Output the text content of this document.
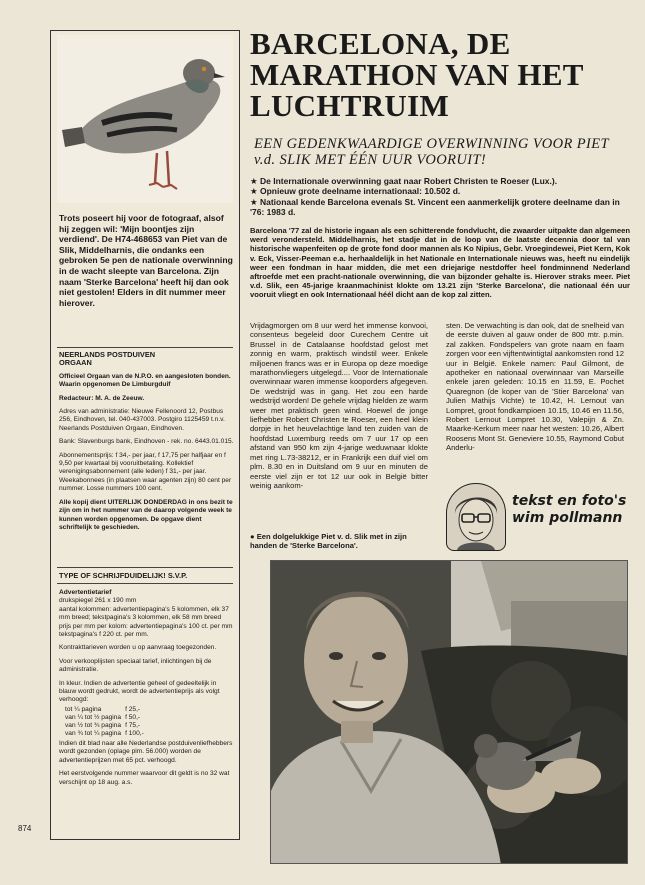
Trots poseert hij voor de fotograaf, alsof hij zeggen wil: 'Mijn boontjes zijn verdiend'. De H74-468653 van Piet van de Slik, Middelharnis, die ondanks een gebroken 5e pen de nationale overwinning in de wacht sleepte van Barcelona. Zijn naam 'Sterke Barcelona' heeft hij dan ook niet gestolen! Elders in dit nummer meer hierover.
NEERLANDS POSTDUIVEN
ORGAAN

Officieel Orgaan van de N.P.O. en aangesloten bonden. Waarin opgenomen De Limburgduif

Redacteur: M. A. de Zeeuw.

Adres van administratie: Nieuwe Fellenoord 12, Postbus 256, Eindhoven, tel. 040-437003. Postgiro 1125459 t.n.v. Neerlands Postduiven Orgaan, Eindhoven.

Bank: Slavenburgs bank, Eindhoven - rek. no. 6443.01.015.

Abonnementsprijs: f 34,- per jaar, f 17,75 per halfjaar en f 9,50 per kwartaal bij vooruitbetaling. Kollektief verenigingsabonnement (alle leden) f 31,- per jaar. Weekabonnees (in plaatsen waar agenten zijn) 80 cent per nummer. Losse nummers 100 cent.

Alle kopij dient UITERLIJK DONDERDAG in ons bezit te zijn om in het nummer van de daarop volgende week te kunnen worden opgenomen. De opgave dient schriftelijk te geschieden.

TYPE OF SCHRIJFDUIDELIJK! S.V.P.

Advertentietarief

drukspiegel 261 x 190 mm

aantal kolommen: advertentiepagina's 5 kolommen, elk 37 mm breed; tekstpagina's 3 kolommen, elk 58 mm breed

prijs per mm per kolom: advertentiepagina's 100 ct. per mm tekstpagina's f 220 ct. per mm.

Kontrakttarieven worden u op aanvraag toegezonden.

Voor verkooplijsten speciaal tarief, inlichtingen bij de administratie.

In kleur. Indien de advertentie geheel of gedeeltelijk in blauw wordt gedrukt, wordt de advertentieprijs als volgt verhoogd:

tot ¼ pagina	f 25,-
van ¼ tot ½ pagina	f 50,-
van ½ tot ¾ pagina	f 75,-
van ¾ tot ¼ pagina	f 100,-

Indien dit blad naar alle Nederlandse postduivenliefhebbers wordt gezonden (oplage plm. 56.000) worden de advertentieprijzen met 65 pct. verhoogd.

Het eerstvolgende nummer waarvoor dit geldt is no 32 wat verschijnt op 18 aug. a.s.

874
BARCELONA, DE MARATHON VAN HET LUCHTRUIM
EEN GEDENKWAARDIGE OVERWINNING VOOR PIET v.d. SLIK MET ÉÉN UUR VOORUIT!
★ De Internationale overwinning gaat naar Robert Christen te Roeser (Lux.).
★ Opnieuw grote deelname internationaal: 10.502 d.
★ Nationaal kende Barcelona evenals St. Vincent een aanmerkelijk grotere deelname dan in '76: 1983 d.
Barcelona '77 zal de historie ingaan als een schitterende fondvlucht, die zwaarder uitpakte dan algemeen werd verondersteld. Middelharnis, het stadje dat in de loop van de laatste decennia door tal van historische wapenfeiten op de grote fond door mannen als Ko Nipius, Gebr. Vroegindewei, Piet Kern, Kok v. Eck, Visser-Peeman e.a. herhaaldelijk in het Nationale en Internationale nieuws was, heeft nu eindelijk weer een fondman in haar midden, die met een driejarige nestdoffer heel fondminnend Nederland aftroefde met een pracht-nationale overwinning, die van bijzonder gehalte is. Hierover straks meer. Piet v.d. Slik, een 45-jarige kraanmachinist klokte om 13.21 zijn 'Sterke Barcelona', die nationaal één uur vooruit vliegt en ook Internationaal héél dicht aan de kop zal zitten.
Vrijdagmorgen om 8 uur werd het immense konvooi, consenteus begeleid door Curechem Centre uit Brussel in de Catalaanse hoofdstad gelost met zonnig en warm, praktisch windstil weer. Enkele miljoenen francs was er in Europa op deze moedige marathonvliegers uitgelegd.... Voor de Internationale overwinnaar waren immense kooporders afgegeven. De wedstrijd was in gang. Het zou een harde wedstrijd worden! De gehele vrijdag hielden ze warm weer met praktisch geen wind. Hoewel de jonge liefhebber Robert Christen te Roeser, een heel klein dorpje in het heuvelachtige land ten zuiden van de hoofdstad Luxemburg reeds om 7 uur 17 op een afstand van 950 km zijn 4-jarige weduwnaar klokte met ring L.73-38212, er in Frankrijk een duif viel om plm. 8.30 en in Duitsland om 9 uur en minuten de eerste viel zijn er tot 12 uur ook in België bitter weinig aankom-
sten. De verwachting is dan ook, dat de snelheid van de eerste duiven al gauw onder de 800 mtr. p.min. zal zakken. Fondspelers van grote naam en faam zorgen voor een vijftentwintigtal aankomsten rond 12 uur in België. Enkele namen: Paul Gilmont, de apotheker en nationaal overwinnaar van Marseille enkele jaren geleden: 10.15 en 11.59, E. Pochet Quaregnon (de koper van de 'Stier Barcelona' van Julien Mathijs Vichte) te 10.42, H. Lernout van Lompret, groot fondkampioen 10.15, 10.46 en 11.56, Robert Lernout Lompret 10.30, Valepijn & Zn. Maarke-Kerkum meer naar het westen: 10.26, Albert Roosens Mont St. Geneviere 10.55, Raymond Cobut Anderlu-
tekst en foto's wim pollmann
● Een dolgelukkige Piet v. d. Slik met in zijn handen de 'Sterke Barcelona'.
